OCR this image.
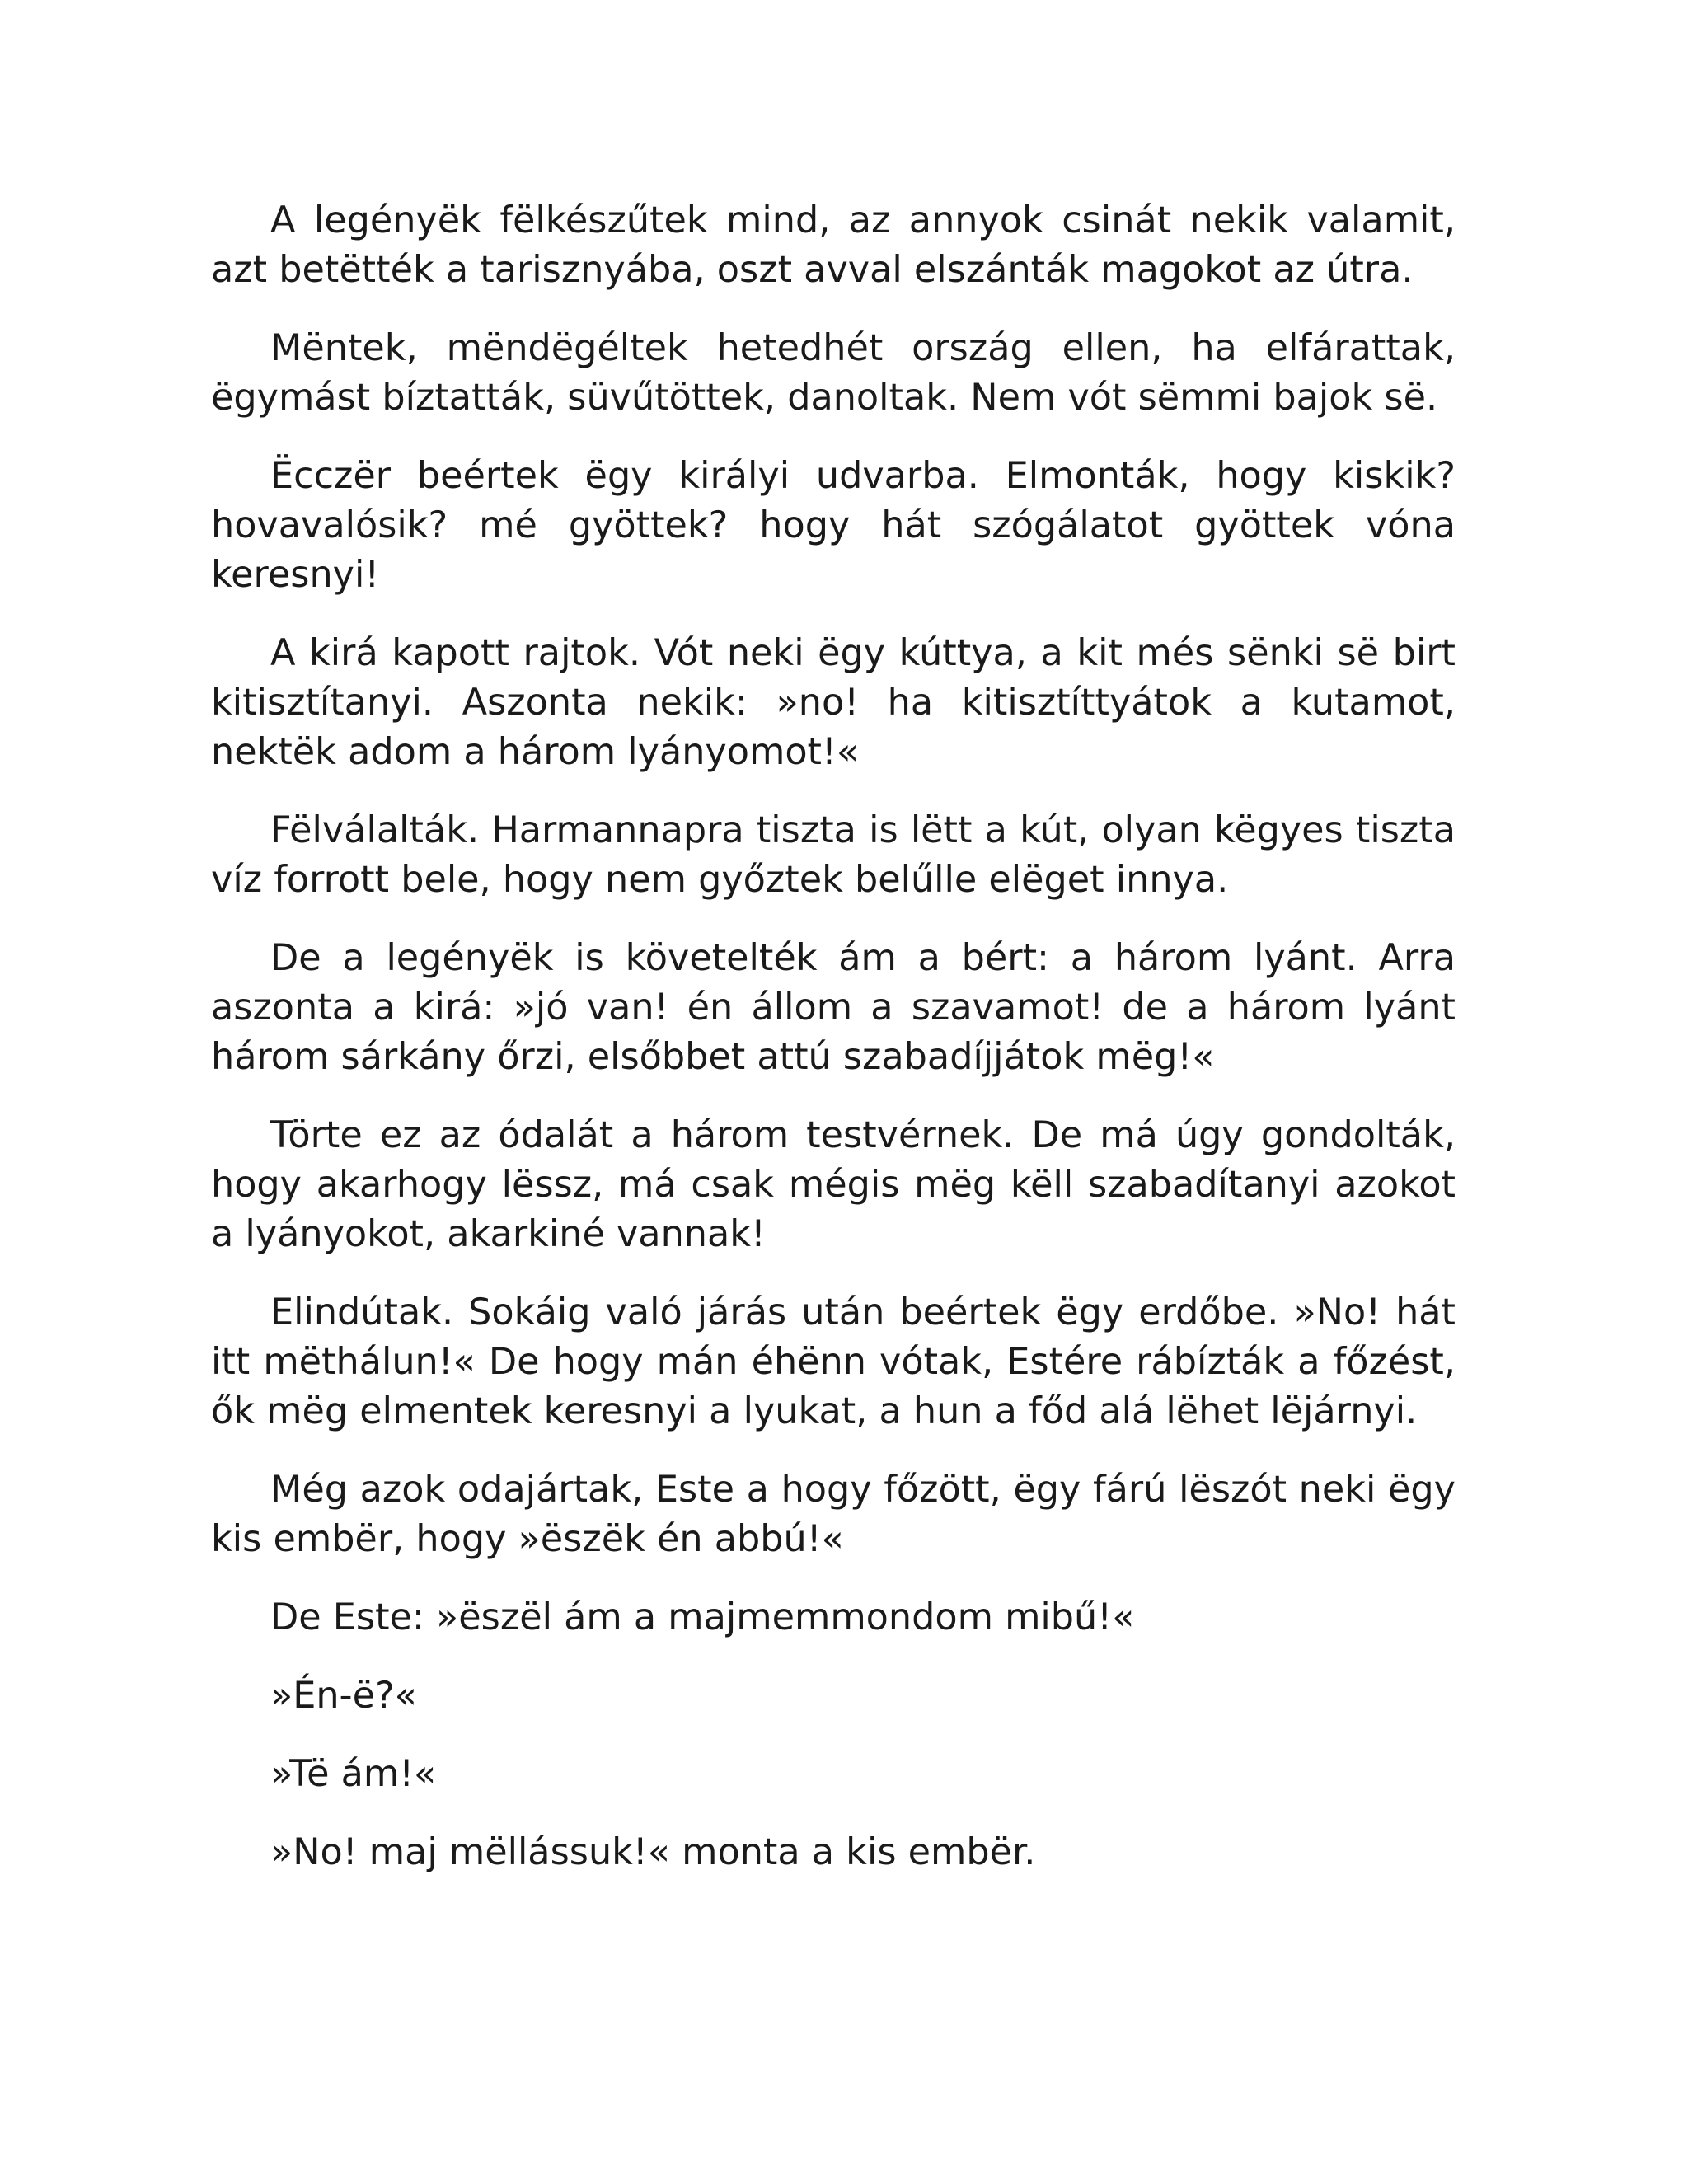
A legényëk fëlkészűtek mind, az annyok csinát nekik valamit, azt betëtték a tarisznyába, oszt avval elszánták magokot az útra.

Mëntek, mëndëgéltek hetedhét ország ellen, ha elfárattak, ëgymást bíztatták, süvűtöttek, danoltak. Nem vót sëmmi bajok së.

Ëcczër beértek ëgy királyi udvarba. Elmonták, hogy kiskik? hovavalósik? mé gyöttek? hogy hát szógálatot gyöttek vóna keresnyi!

A kirá kapott rajtok. Vót neki ëgy kúttya, a kit més sënki së birt kitisztítanyi. Aszonta nekik: »no! ha kitisztíttyátok a kutamot, nektëk adom a három lyányomot!«

Fëlválalták. Harmannapra tiszta is lëtt a kút, olyan këgyes tiszta víz forrott bele, hogy nem győztek belűlle elëget innya.

De a legényëk is követelték ám a bért: a három lyánt. Arra aszonta a kirá: »jó van! én állom a szavamot! de a három lyánt három sárkány őrzi, elsőbbet attú szabadíjjátok mëg!«

Törte ez az ódalát a három testvérnek. De má úgy gondolták, hogy akarhogy lëssz, má csak mégis mëg këll szabadítanyi azokot a lyányokot, akarkiné vannak!

Elindútak. Sokáig való járás után beértek ëgy erdőbe. »No! hát itt mëthálun!« De hogy mán éhënn vótak, Estére rábízták a főzést, ők mëg elmentek keresnyi a lyukat, a hun a főd alá lëhet lëjárnyi.

Még azok odajártak, Este a hogy főzött, ëgy fárú lëszót neki ëgy kis embër, hogy »ëszëk én abbú!«

De Este: »ëszël ám a majmemmondom mibű!«

»Én-ë?«

»Të ám!«

»No! maj mëllássuk!« monta a kis embër.
